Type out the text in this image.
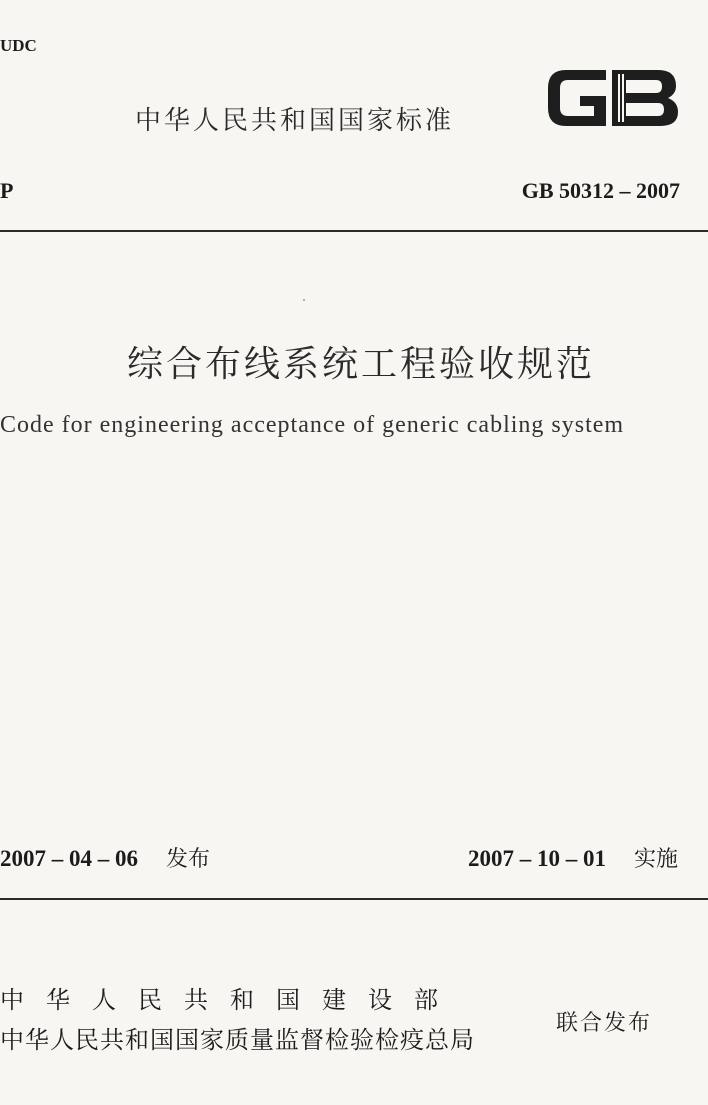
UDC
中华人民共和国国家标准
P	GB 50312 – 2007
综合布线系统工程验收规范
Code for engineering acceptance of generic cabling system
2007 – 04 – 06 发布	2007 – 10 – 01 实施
中华人民共和国建设部
中华人民共和国国家质量监督检验检疫总局
联合发布
